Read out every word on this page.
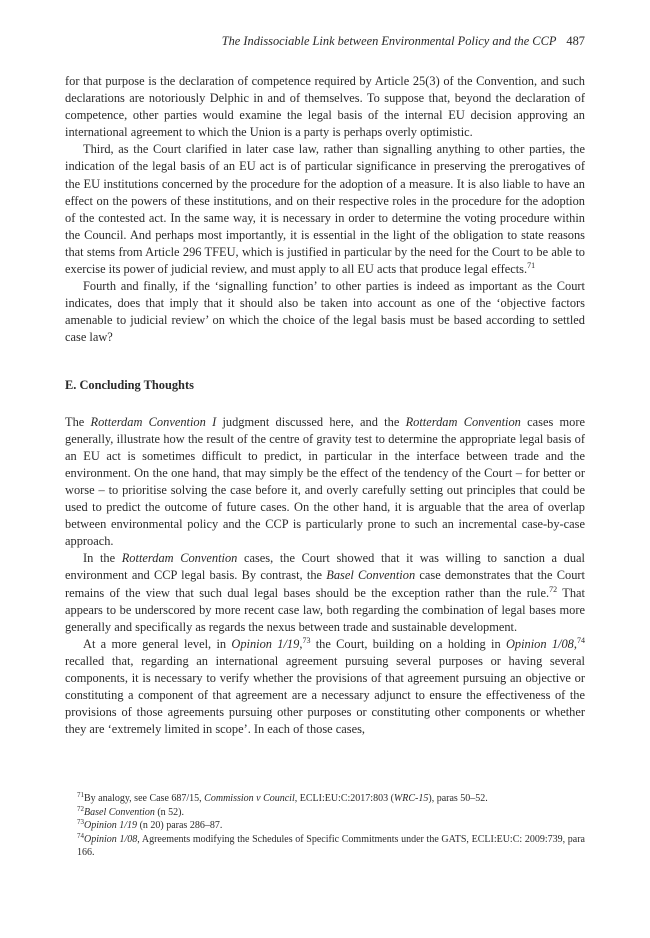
The Indissociable Link between Environmental Policy and the CCP 487

for that purpose is the declaration of competence required by Article 25(3) of the Convention, and such declarations are notoriously Delphic in and of themselves. To suppose that, beyond the declaration of competence, other parties would examine the legal basis of the internal EU decision approving an international agreement to which the Union is a party is perhaps overly optimistic.

Third, as the Court clarified in later case law, rather than signalling anything to other parties, the indication of the legal basis of an EU act is of particular significance in preserving the prerogatives of the EU institutions concerned by the procedure for the adoption of a measure. It is also liable to have an effect on the powers of these institutions, and on their respective roles in the procedure for the adoption of the contested act. In the same way, it is necessary in order to determine the voting procedure within the Council. And perhaps most importantly, it is essential in the light of the obligation to state reasons that stems from Article 296 TFEU, which is justified in particular by the need for the Court to be able to exercise its power of judicial review, and must apply to all EU acts that produce legal effects.$^{71}$

Fourth and finally, if the ‘signalling function’ to other parties is indeed as important as the Court indicates, does that imply that it should also be taken into account as one of the ‘objective factors amenable to judicial review’ on which the choice of the legal basis must be based according to settled case law?

E. Concluding Thoughts

The Rotterdam Convention I judgment discussed here, and the Rotterdam Convention cases more generally, illustrate how the result of the centre of gravity test to determine the appropriate legal basis of an EU act is sometimes difficult to predict, in particular in the interface between trade and the environment. On the one hand, that may simply be the effect of the tendency of the Court – for better or worse – to prioritise solving the case before it, and overly carefully setting out principles that could be used to predict the outcome of future cases. On the other hand, it is arguable that the area of overlap between environmental policy and the CCP is particularly prone to such an incremental case-by-case approach.

In the Rotterdam Convention cases, the Court showed that it was willing to sanction a dual environment and CCP legal basis. By contrast, the Basel Convention case demonstrates that the Court remains of the view that such dual legal bases should be the exception rather than the rule.$^{72}$ That appears to be underscored by more recent case law, both regarding the combination of legal bases more generally and specifically as regards the nexus between trade and sustainable development.

At a more general level, in Opinion 1/19,73 the Court, building on a holding in Opinion 1/08,74 recalled that, regarding an international agreement pursuing several purposes or having several components, it is necessary to verify whether the provisions of that agreement pursuing an objective or constituting a component of that agreement are a necessary adjunct to ensure the effectiveness of the provisions of those agreements pursuing other purposes or constituting other components or whether they are ‘extremely limited in scope’. In each of those cases,

$^{71}$By analogy, see Case 687/15, Commission v Council, ECLI:EU:C:2017:803 (WRC-15), paras 50–52.

$^{72}$Basel Convention (n 52).

$^{73}$Opinion 1/19 (n 20) paras 286–87.

$^{74}$Opinion 1/08, Agreements modifying the Schedules of Specific Commitments under the GATS, ECLI:EU:C: 2009:739, para 166.
